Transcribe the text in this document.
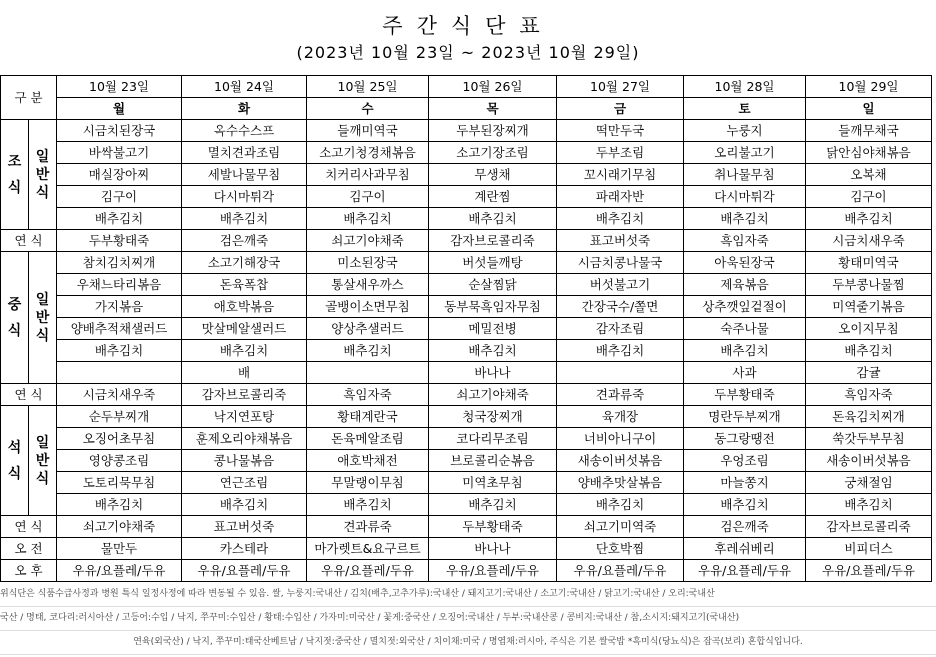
주간식단표
(2023년 10월 23일 ~ 2023년 10월 29일)
구 분		10월 23일	10월 24일	10월 25일	10월 26일	10월 27일	10월 28일	10월 29일
		월	화	수	목	금	토	일

조
식	일
반
식	시금치된장국	옥수수스프	들깨미역국	두부된장찌개	떡만두국	누룽지	들깨무채국
		바싹불고기	멸치견과조림	소고기청경채볶음	소고기장조림	두부조림	오리불고기	닭안심야채볶음
		매실장아찌	세발나물무침	치커리사과무침	무생채	꼬시래기무침	취나물무침	오복채
		김구이	다시마튀각	김구이	계란찜	파래자반	다시마튀각	김구이
		배추김치	배추김치	배추김치	배추김치	배추김치	배추김치	배추김치
연 식		두부황태죽	검은깨죽	쇠고기야채죽	감자브로콜리죽	표고버섯죽	흑임자죽	시금치새우죽

중
식	일
반
식	참치김치찌개	소고기해장국	미소된장국	버섯들깨탕	시금치콩나물국	아욱된장국	황태미역국
		우채느타리볶음	돈육폭찹	통살새우까스	순살찜닭	버섯불고기	제육볶음	두부콩나물찜
		가지볶음	애호박볶음	골뱅이소면무침	동부묵흑임자무침	간장국수/쫄면	상추깻잎겉절이	미역줄기볶음
		양배추적채샐러드	맛살메알샐러드	양상추샐러드	메밀전병	감자조림	숙주나물	오이지무침
		배추김치	배추김치	배추김치	배추김치	배추김치	배추김치	배추김치
			배		바나나		사과	감귤
연 식		시금치새우죽	감자브로콜리죽	흑임자죽	쇠고기야채죽	견과류죽	두부황태죽	흑임자죽

석
식	일
반
식	순두부찌개	낙지연포탕	황태계란국	청국장찌개	육개장	명란두부찌개	돈육김치찌개
		오징어초무침	훈제오리야채볶음	돈육메알조림	코다리무조림	너비아니구이	동그랑땡전	쑥갓두부무침
		영양콩조림	콩나물볶음	애호박채전	브로콜리순볶음	새송이버섯볶음	우엉조림	새송이버섯볶음
		도토리묵무침	연근조림	무말랭이무침	미역초무침	양배추맛살볶음	마늘쫑지	궁채절임
		배추김치	배추김치	배추김치	배추김치	배추김치	배추김치	배추김치
연 식		쇠고기야채죽	표고버섯죽	견과류죽	두부황태죽	쇠고기미역죽	검은깨죽	감자브로콜리죽
오 전		물만두	카스테라	마가렛트&요구르트	바나나	단호박찜	후레쉬베리	비피더스
오 후		우유/요플레/두유	우유/요플레/두유	우유/요플레/두유	우유/요플레/두유	우유/요플레/두유	우유/요플레/두유	우유/요플레/두유
위식단은 식품수급사정과 병원 특식 일정사정에 따라 변동될 수 있음. 쌀, 누룽지:국내산 / 김치(배추,고추가루):국내산 / 돼지고기:국내산 / 소고기:국내산 / 닭고기:국내산 / 오리:국내산
국산 / 명태, 코다리:러시아산 / 고등어:수입 / 낙지, 쭈꾸미:수입산 / 황태:수입산 / 가자미:미국산 / 꽃게:중국산 / 오징어:국내산 / 두부:국내산콩 / 콩비지:국내산 / 참,소시지:돼지고기(국내산)
연육(외국산) / 낙지, 쭈꾸미:태국산베트남 / 낙지젓:중국산 / 멸치젓:외국산 / 치이채:미국 / 명엽채:러시아, 주식은 기본 쌀국밥 *흑미식(당뇨식)은 잡곡(보리) 혼합식입니다.
